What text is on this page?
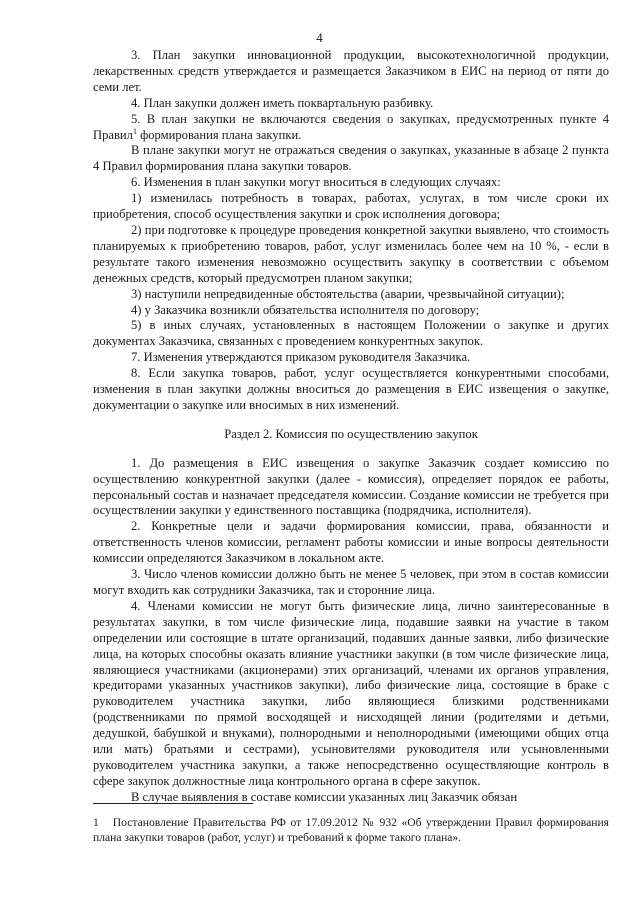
4

3. План закупки инновационной продукции, высокотехнологичной продукции, лекарственных средств утверждается и размещается Заказчиком в ЕИС на период от пяти до семи лет.

4. План закупки должен иметь поквартальную разбивку.

5. В план закупки не включаются сведения о закупках, предусмотренных пункте 4 Правил$^1$ формирования плана закупки.

В плане закупки могут не отражаться сведения о закупках, указанные в абзаце 2 пункта 4 Правил формирования плана закупки товаров.

6. Изменения в план закупки могут вноситься в следующих случаях:

1) изменилась потребность в товарах, работах, услугах, в том числе сроки их приобретения, способ осуществления закупки и срок исполнения договора;

2) при подготовке к процедуре проведения конкретной закупки выявлено, что стоимость планируемых к приобретению товаров, работ, услуг изменилась более чем на 10 %, - если в результате такого изменения невозможно осуществить закупку в соответствии с объемом денежных средств, который предусмотрен планом закупки;

3) наступили непредвиденные обстоятельства (аварии, чрезвычайной ситуации);

4) у Заказчика возникли обязательства исполнителя по договору;

5) в иных случаях, установленных в настоящем Положении о закупке и других документах Заказчика, связанных с проведением конкурентных закупок.

7. Изменения утверждаются приказом руководителя Заказчика.

8. Если закупка товаров, работ, услуг осуществляется конкурентными способами, изменения в план закупки должны вноситься до размещения в ЕИС извещения о закупке, документации о закупке или вносимых в них изменений.

Раздел 2. Комиссия по осуществлению закупок

1. До размещения в ЕИС извещения о закупке Заказчик создает комиссию по осуществлению конкурентной закупки (далее - комиссия), определяет порядок ее работы, персональный состав и назначает председателя комиссии. Создание комиссии не требуется при осуществлении закупки у единственного поставщика (подрядчика, исполнителя).

2. Конкретные цели и задачи формирования комиссии, права, обязанности и ответственность членов комиссии, регламент работы комиссии и иные вопросы деятельности комиссии определяются Заказчиком в локальном акте.

3. Число членов комиссии должно быть не менее 5 человек, при этом в состав комиссии могут входить как сотрудники Заказчика, так и сторонние лица.

4. Членами комиссии не могут быть физические лица, лично заинтересованные в результатах закупки, в том числе физические лица, подавшие заявки на участие в таком определении или состоящие в штате организаций, подавших данные заявки, либо физические лица, на которых способны оказать влияние участники закупки (в том числе физические лица, являющиеся участниками (акционерами) этих организаций, членами их органов управления, кредиторами указанных участников закупки), либо физические лица, состоящие в браке с руководителем участника закупки, либо являющиеся близкими родственниками (родственниками по прямой восходящей и нисходящей линии (родителями и детьми, дедушкой, бабушкой и внуками), полнородными и неполнородными (имеющими общих отца или мать) братьями и сестрами), усыновителями руководителя или усыновленными руководителем участника закупки, а также непосредственно осуществляющие контроль в сфере закупок должностные лица контрольного органа в сфере закупок.

В случае выявления в составе комиссии указанных лиц Заказчик обязан

1 Постановление Правительства РФ от 17.09.2012 № 932 «Об утверждении Правил формирования плана закупки товаров (работ, услуг) и требований к форме такого плана».
